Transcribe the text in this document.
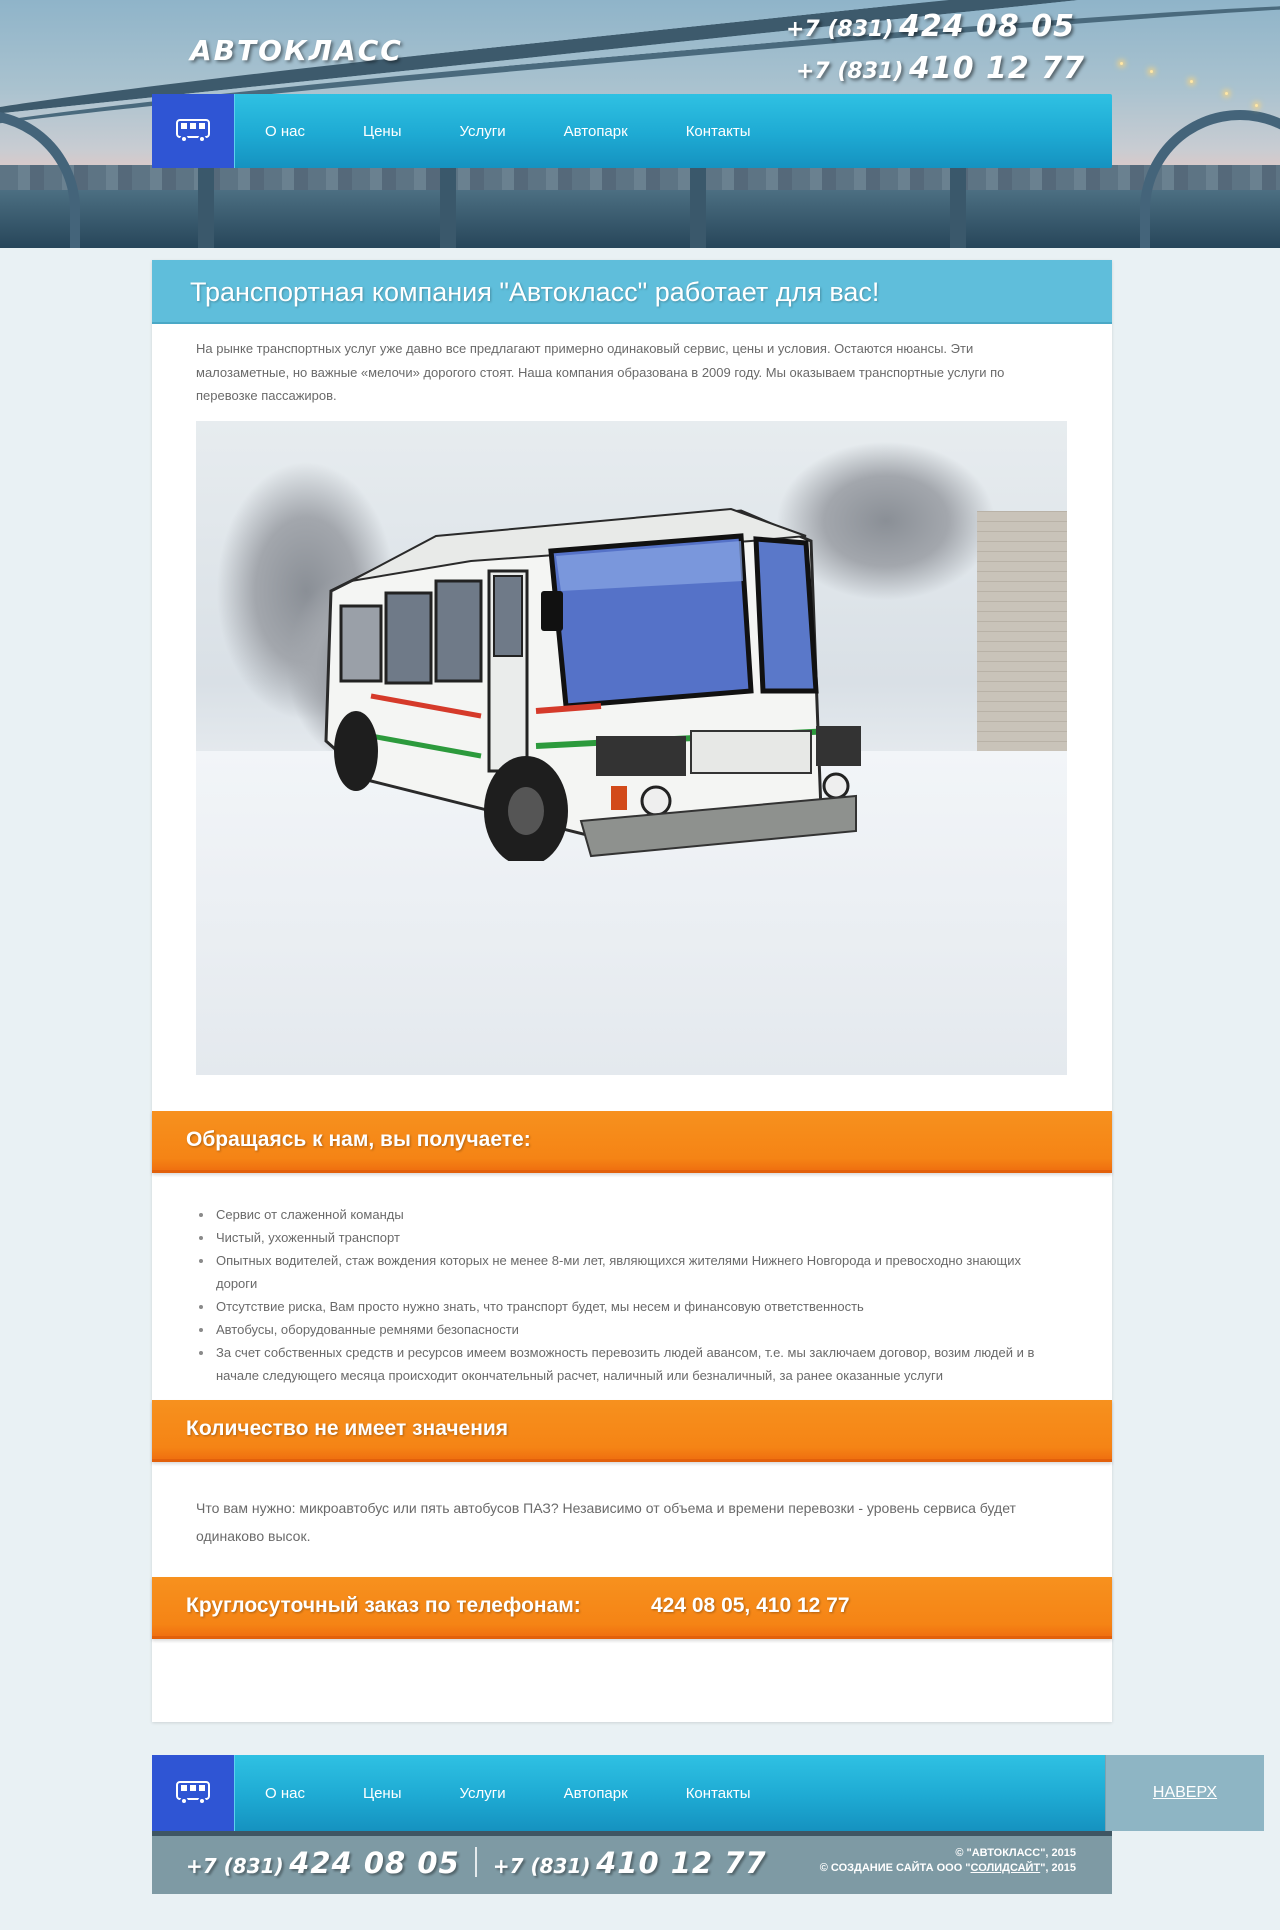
АВТОКЛАСС
+7 (831) 424 08 05
+7 (831) 410 12 77
О нас	Цены	Услуги	Автопарк	Контакты
Транспортная компания "Автокласс" работает для вас!

На рынке транспортных услуг уже давно все предлагают примерно одинаковый сервис, цены и условия. Остаются нюансы. Эти малозаметные, но важные «мелочи» дорогого стоят. Наша компания образована в 2009 году. Мы оказываем транспортные услуги по перевозке пассажиров.

Обращаясь к нам, вы получаете:
Сервис от слаженной команды
Чистый, ухоженный транспорт
Опытных водителей, стаж вождения которых не менее 8-ми лет, являющихся жителями Нижнего Новгорода и превосходно знающих дороги
Отсутствие риска, Вам просто нужно знать, что транспорт будет, мы несем и финансовую ответственность
Автобусы, оборудованные ремнями безопасности
За счет собственных средств и ресурсов имеем возможность перевозить людей авансом, т.е. мы заключаем договор, возим людей и в начале следующего месяца происходит окончательный расчет, наличный или безналичный, за ранее оказанные услуги
Количество не имеет значения

Что вам нужно: микроавтобус или пять автобусов ПАЗ? Независимо от объема и времени перевозки - уровень сервиса будет одинаково высок.

Круглосуточный заказ по телефонам:	424 08 05, 410 12 77
О нас	Цены	Услуги	Автопарк	Контакты	НАВЕРХ
+7 (831) 424 08 05 +7 (831) 410 12 77	© "АВТОКЛАСС", 2015
© СОЗДАНИЕ САЙТА ООО "СОЛИДСАЙТ", 2015
